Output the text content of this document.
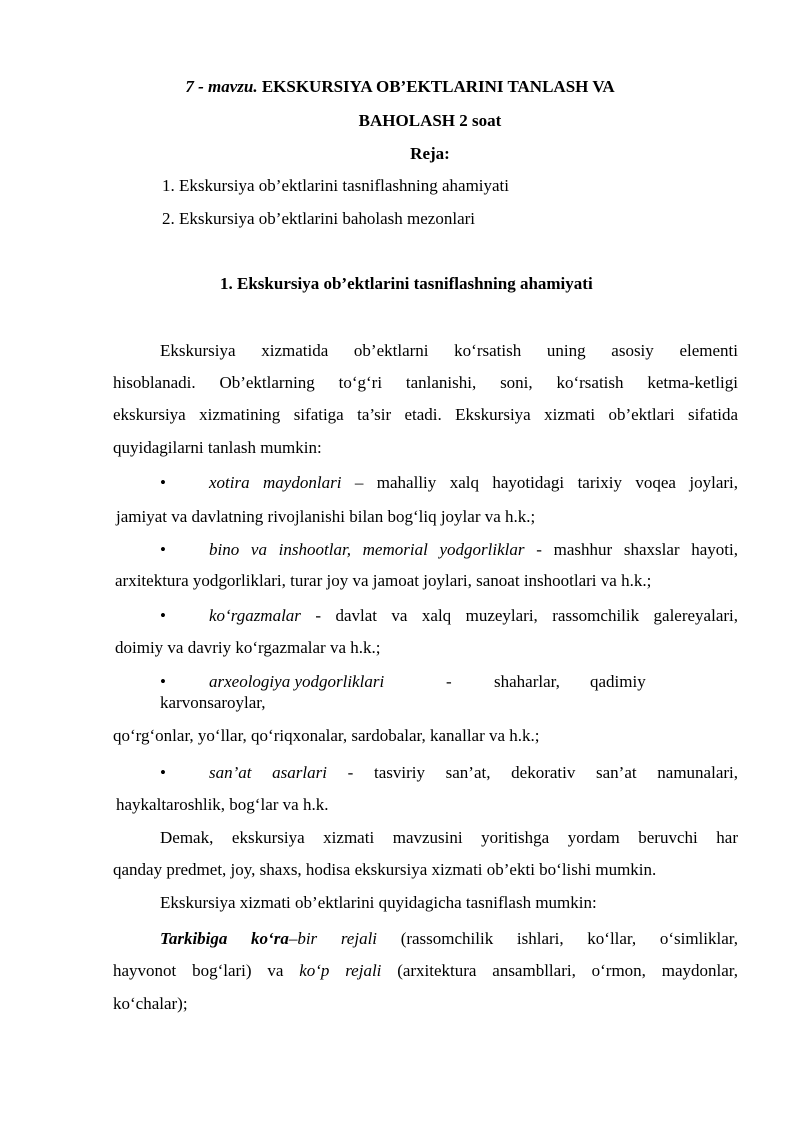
7 - mavzu. EKSKURSIYA OB’EKTLARINI TANLASH VA
BAHOLASH 2 soat
Reja:
1. Ekskursiya ob’ektlarini tasniflashning ahamiyati
2. Ekskursiya ob’ektlarini baholash mezonlari
1. Ekskursiya ob’ektlarini tasniflashning ahamiyati
Ekskursiya xizmatida ob’ektlarni ko‘rsatish uning asosiy elementi
hisoblanadi. Ob’ektlarning to‘g‘ri tanlanishi, soni, ko‘rsatish ketma-ketligi
ekskursiya xizmatining sifatiga ta’sir etadi. Ekskursiya xizmati ob’ektlari sifatida
quyidagilarni tanlash mumkin:
•	xotira maydonlari – mahalliy xalq hayotidagi tarixiy voqea joylari,
jamiyat va davlatning rivojlanishi bilan bog‘liq joylar va h.k.;
•	bino va inshootlar, memorial yodgorliklar - mashhur shaxslar hayoti,
arxitektura yodgorliklari, turar joy va jamoat joylari, sanoat inshootlari va h.k.;
•	ko‘rgazmalar - davlat va xalq muzeylari, rassomchilik galereyalari,
doimiy va davriy ko‘rgazmalar va h.k.;
•	arxeologiya yodgorliklari	- shaharlar, qadimiy
karvonsaroylar,
qo‘rg‘onlar, yo‘llar, qo‘riqxonalar, sardobalar, kanallar va h.k.;
•	san’at asarlari - tasviriy san’at, dekorativ san’at namunalari,
haykaltaroshlik, bog‘lar va h.k.
Demak, ekskursiya xizmati mavzusini yoritishga yordam beruvchi har
qanday predmet, joy, shaxs, hodisa ekskursiya xizmati ob’ekti bo‘lishi mumkin.
Ekskursiya xizmati ob’ektlarini quyidagicha tasniflash mumkin:
Tarkibiga ko‘ra–bir rejali (rassomchilik ishlari, ko‘llar, o‘simliklar,
hayvonot bog‘lari) va ko‘p rejali (arxitektura ansambllari, o‘rmon, maydonlar,
ko‘chalar);
